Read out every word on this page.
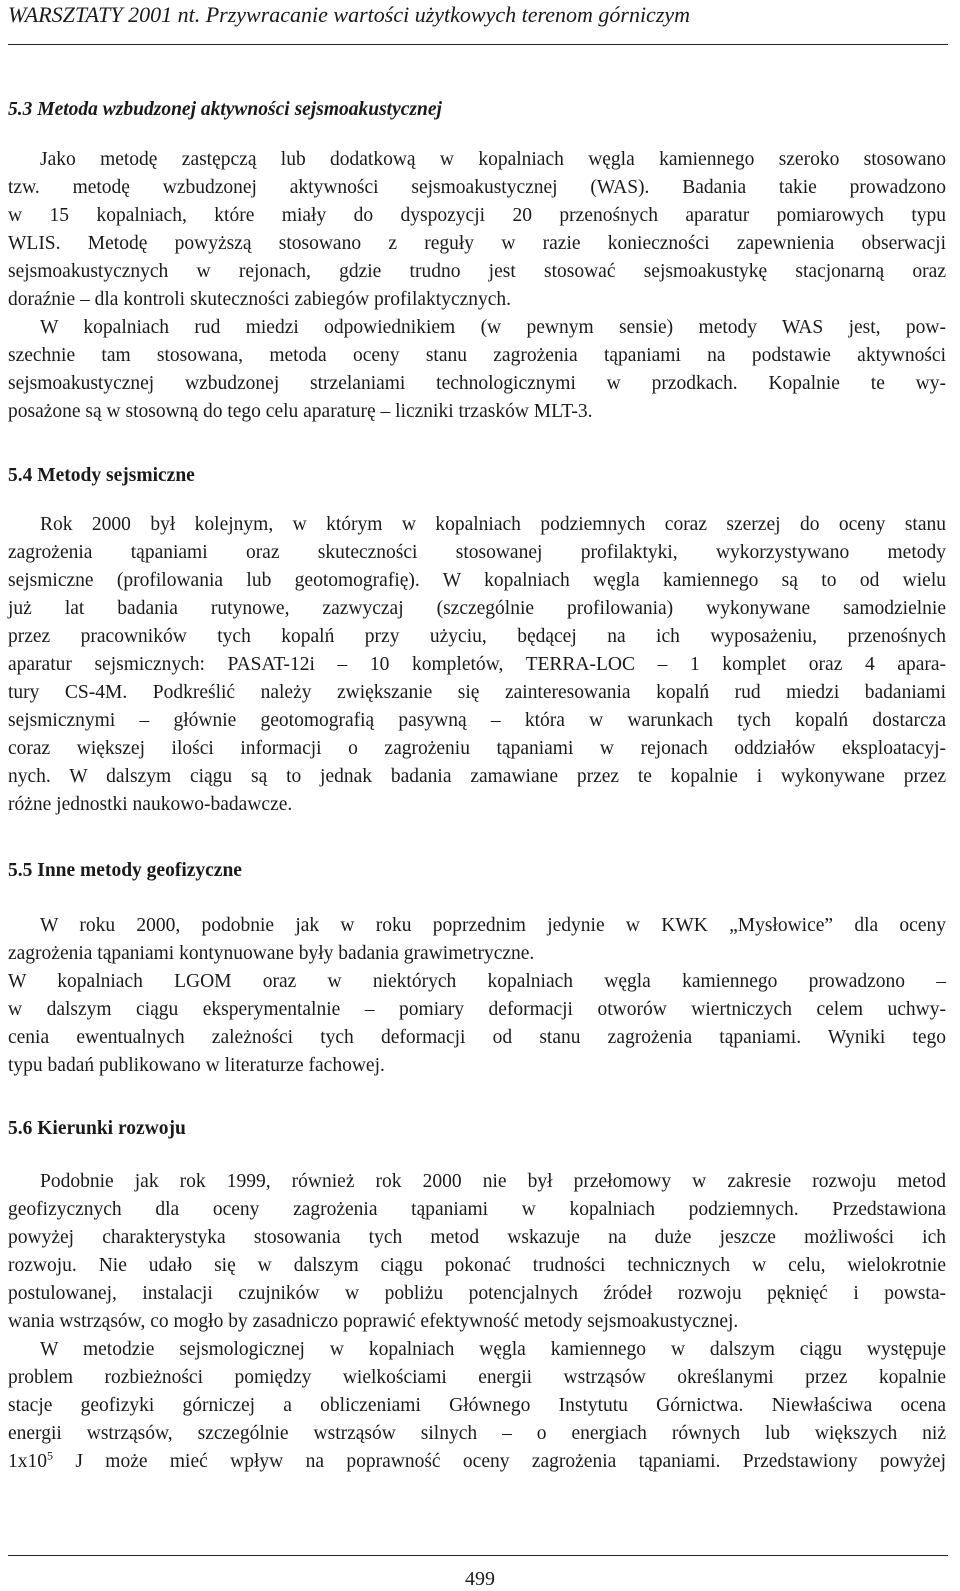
WARSZTATY 2001 nt. Przywracanie wartości użytkowych terenom górniczym
5.3 Metoda wzbudzonej aktywności sejsmoakustycznej
Jako metodę zastępczą lub dodatkową w kopalniach węgla kamiennego szeroko stosowano
tzw. metodę wzbudzonej aktywności sejsmoakustycznej (WAS). Badania takie prowadzono
w 15 kopalniach, które miały do dyspozycji 20 przenośnych aparatur pomiarowych typu
WLIS. Metodę powyższą stosowano z reguły w razie konieczności zapewnienia obserwacji
sejsmoakustycznych w rejonach, gdzie trudno jest stosować sejsmoakustykę stacjonarną oraz
doraźnie – dla kontroli skuteczności zabiegów profilaktycznych.
W kopalniach rud miedzi odpowiednikiem (w pewnym sensie) metody WAS jest, pow-
szechnie tam stosowana, metoda oceny stanu zagrożenia tąpaniami na podstawie aktywności
sejsmoakustycznej wzbudzonej strzelaniami technologicznymi w przodkach. Kopalnie te wy-
posażone są w stosowną do tego celu aparaturę – liczniki trzasków MLT-3.
5.4 Metody sejsmiczne
Rok 2000 był kolejnym, w którym w kopalniach podziemnych coraz szerzej do oceny stanu
zagrożenia tąpaniami oraz skuteczności stosowanej profilaktyki, wykorzystywano metody
sejsmiczne (profilowania lub geotomografię). W kopalniach węgla kamiennego są to od wielu
już lat badania rutynowe, zazwyczaj (szczególnie profilowania) wykonywane samodzielnie
przez pracowników tych kopalń przy użyciu, będącej na ich wyposażeniu, przenośnych
aparatur sejsmicznych: PASAT-12i – 10 kompletów, TERRA-LOC – 1 komplet oraz 4 apara-
tury CS-4M. Podkreślić należy zwiększanie się zainteresowania kopalń rud miedzi badaniami
sejsmicznymi – głównie geotomografią pasywną – która w warunkach tych kopalń dostarcza
coraz większej ilości informacji o zagrożeniu tąpaniami w rejonach oddziałów eksploatacyj-
nych. W dalszym ciągu są to jednak badania zamawiane przez te kopalnie i wykonywane przez
różne jednostki naukowo-badawcze.
5.5 Inne metody geofizyczne
W roku 2000, podobnie jak w roku poprzednim jedynie w KWK „Mysłowice” dla oceny
zagrożenia tąpaniami kontynuowane były badania grawimetryczne.
W kopalniach LGOM oraz w niektórych kopalniach węgla kamiennego prowadzono –
w dalszym ciągu eksperymentalnie – pomiary deformacji otworów wiertniczych celem uchwy-
cenia ewentualnych zależności tych deformacji od stanu zagrożenia tąpaniami. Wyniki tego
typu badań publikowano w literaturze fachowej.
5.6 Kierunki rozwoju
Podobnie jak rok 1999, również rok 2000 nie był przełomowy w zakresie rozwoju metod
geofizycznych dla oceny zagrożenia tąpaniami w kopalniach podziemnych. Przedstawiona
powyżej charakterystyka stosowania tych metod wskazuje na duże jeszcze możliwości ich
rozwoju. Nie udało się w dalszym ciągu pokonać trudności technicznych w celu, wielokrotnie
postulowanej, instalacji czujników w pobliżu potencjalnych źródeł rozwoju pęknięć i powsta-
wania wstrząsów, co mogło by zasadniczo poprawić efektywność metody sejsmoakustycznej.
W metodzie sejsmologicznej w kopalniach węgla kamiennego w dalszym ciągu występuje
problem rozbieżności pomiędzy wielkościami energii wstrząsów określanymi przez kopalnie
stacje geofizyki górniczej a obliczeniami Głównego Instytutu Górnictwa. Niewłaściwa ocena
energii wstrząsów, szczególnie wstrząsów silnych – o energiach równych lub większych niż
$1x10^5$ J może mieć wpływ na poprawność oceny zagrożenia tąpaniami. Przedstawiony powyżej
499
